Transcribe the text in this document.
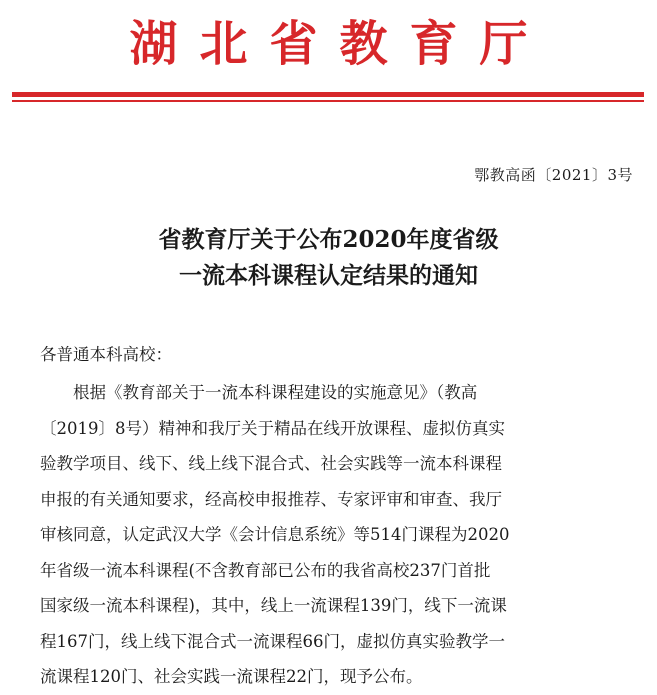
湖北省教育厅
鄂教高函〔2021〕3号
省教育厅关于公布2020年度省级
一流本科课程认定结果的通知
各普通本科高校：
根据《教育部关于一流本科课程建设的实施意见》（教高
〔2019〕8号）精神和我厅关于精品在线开放课程、虚拟仿真实
验教学项目、线下、线上线下混合式、社会实践等一流本科课程
申报的有关通知要求，经高校申报推荐、专家评审和审查、我厅
审核同意，认定武汉大学《会计信息系统》等514门课程为2020
年省级一流本科课程(不含教育部已公布的我省高校237门首批
国家级一流本科课程)，其中，线上一流课程139门，线下一流课
程167门，线上线下混合式一流课程66门，虚拟仿真实验教学一
流课程120门、社会实践一流课程22门，现予公布。
